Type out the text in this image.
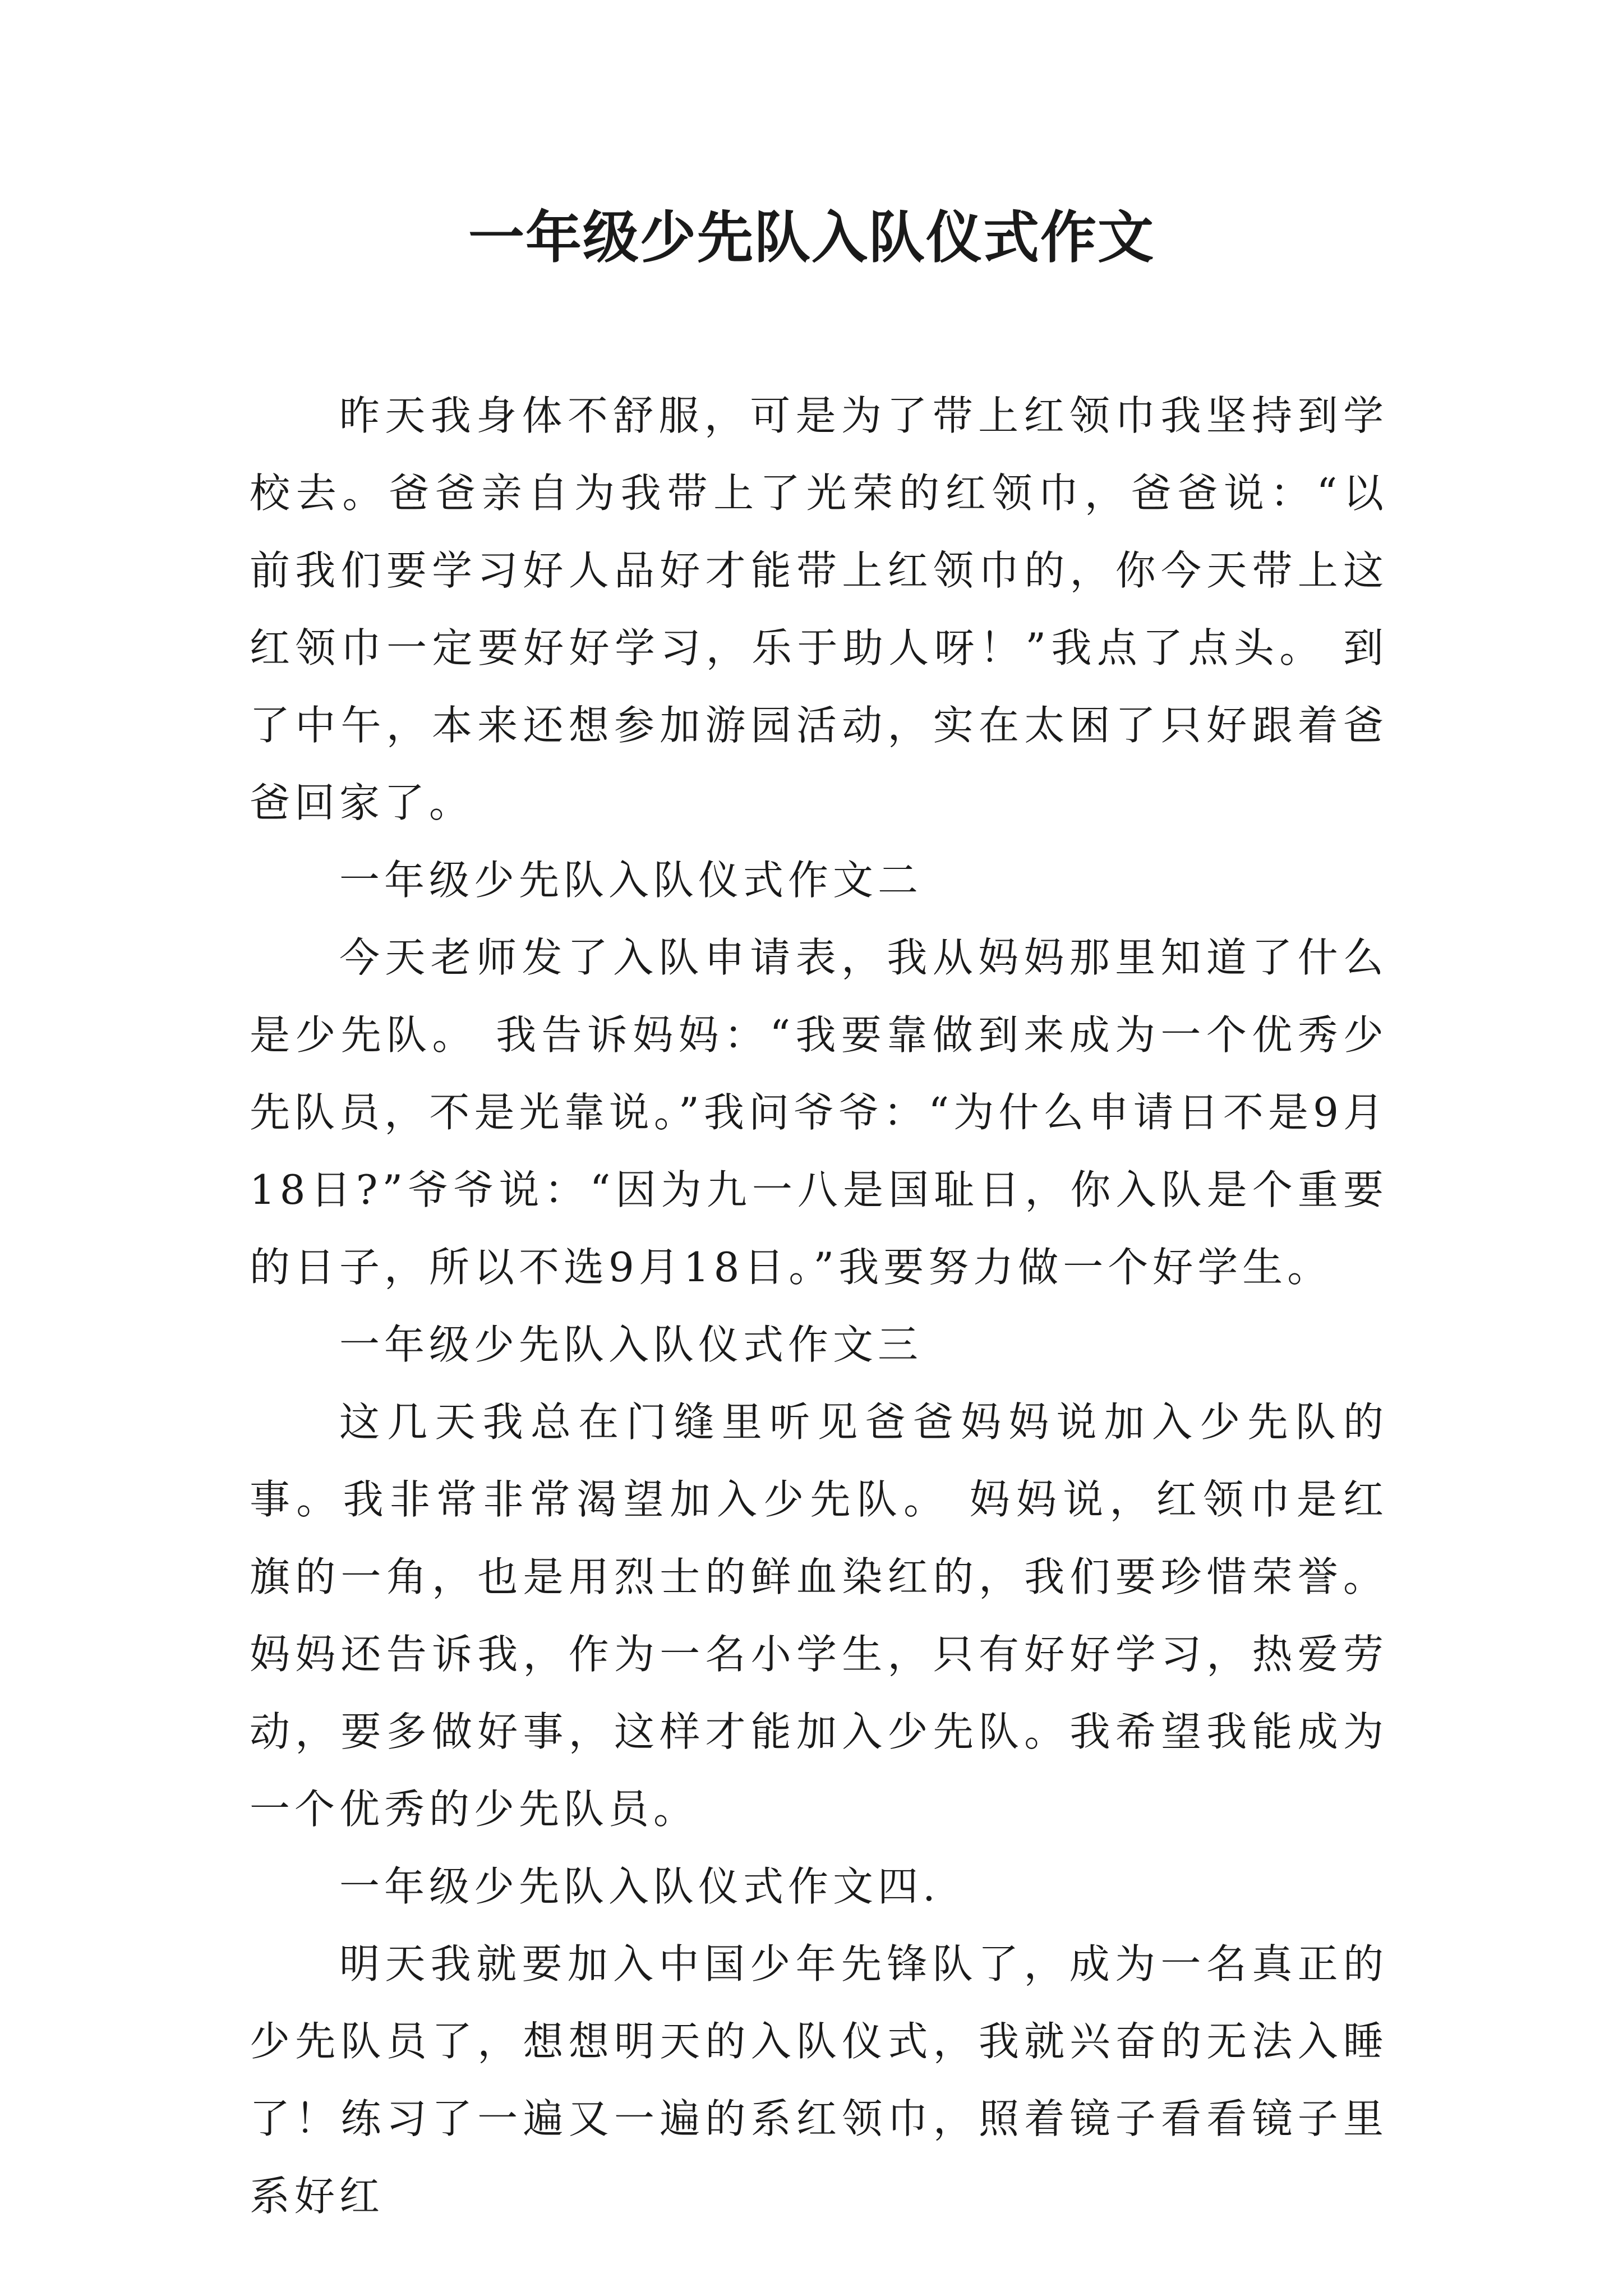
一年级少先队入队仪式作文

昨天我身体不舒服，可是为了带上红领巾我坚持到学校去。爸爸亲自为我带上了光荣的红领巾，爸爸说：“以前我们要学习好人品好才能带上红领巾的，你今天带上这红领巾一定要好好学习，乐于助人呀！”我点了点头。 到了中午，本来还想参加游园活动，实在太困了只好跟着爸爸回家了。

一年级少先队入队仪式作文二

今天老师发了入队申请表，我从妈妈那里知道了什么是少先队。 我告诉妈妈：“我要靠做到来成为一个优秀少先队员，不是光靠说。”我问爷爷：“为什么申请日不是9月18日?”爷爷说：“因为九一八是国耻日，你入队是个重要的日子，所以不选9月18日。”我要努力做一个好学生。

一年级少先队入队仪式作文三

这几天我总在门缝里听见爸爸妈妈说加入少先队的事。我非常非常渴望加入少先队。 妈妈说，红领巾是红旗的一角，也是用烈士的鲜血染红的，我们要珍惜荣誉。妈妈还告诉我，作为一名小学生，只有好好学习，热爱劳动，要多做好事，这样才能加入少先队。我希望我能成为一个优秀的少先队员。

一年级少先队入队仪式作文四.

明天我就要加入中国少年先锋队了，成为一名真正的少先队员了，想想明天的入队仪式，我就兴奋的无法入睡了！练习了一遍又一遍的系红领巾，照着镜子看看镜子里系好红
